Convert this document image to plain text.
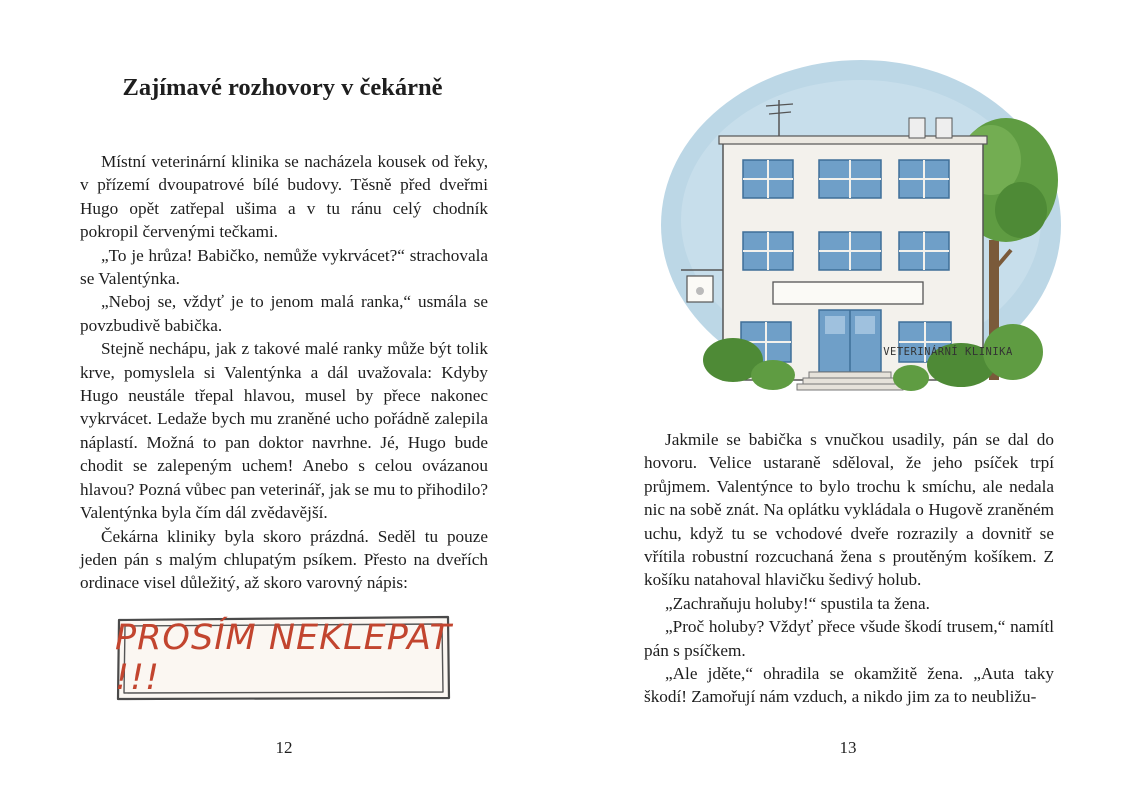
Zajímavé rozhovory v čekárně

Místní veterinární klinika se nacházela kousek od řeky, v přízemí dvoupatrové bílé budovy. Těsně před dveřmi Hugo opět zatřepal ušima a v tu ránu celý chodník pokropil červenými tečkami.

„To je hrůza! Babičko, nemůže vykrvácet?“ strachovala se Valentýnka.

„Neboj se, vždyť je to jenom malá ranka,“ usmála se povzbudivě babička.

Stejně nechápu, jak z takové malé ranky může být tolik krve, pomyslela si Valentýnka a dál uvažovala: Kdyby Hugo neustále třepal hlavou, musel by přece nakonec vykrvácet. Ledaže bych mu zraněné ucho pořádně zalepila náplastí. Možná to pan doktor navrhne. Jé, Hugo bude chodit se zalepeným uchem! Anebo s celou ovázanou hlavou? Pozná vůbec pan veterinář, jak se mu to přihodilo? Valentýnka byla čím dál zvědavější.

Čekárna kliniky byla skoro prázdná. Seděl tu pouze jeden pán s malým chlupatým psíkem. Přesto na dveřích ordinace visel důležitý, až skoro varovný nápis:

PROSÍM NEKLEPAT !!!
12
VETERINÁRNÍ KLINIKA

Jakmile se babička s vnučkou usadily, pán se dal do hovoru. Velice ustaraně sděloval, že jeho psíček trpí průjmem. Valentýnce to bylo trochu k smíchu, ale nedala nic na sobě znát. Na oplátku vykládala o Hugově zraněném uchu, když tu se vchodové dveře rozrazily a dovnitř se vřítila robustní rozcuchaná žena s proutěným košíkem. Z košíku natahoval hlavičku šedivý holub.

„Zachraňuju holuby!“ spustila ta žena.

„Proč holuby? Vždyť přece všude škodí trusem,“ namítl pán s psíčkem.

„Ale jděte,“ ohradila se okamžitě žena. „Auta taky škodí! Zamořují nám vzduch, a nikdo jim za to neubližu-

13
